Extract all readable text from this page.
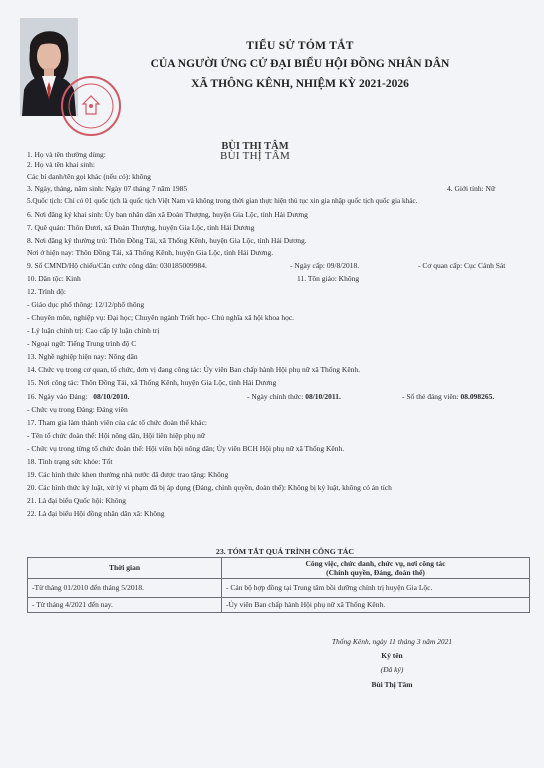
TIỂU SỬ TÓM TẮT
CỦA NGƯỜI ỨNG CỬ ĐẠI BIỂU HỘI ĐỒNG NHÂN DÂN
XÃ THÔNG KÊNH, NHIỆM KỲ 2021-2026
BÙI THỊ TÂM
BÙI THỊ TÂM
1. Họ và tên thường dùng:
2. Họ và tên khai sinh:
Các bí danh/tên gọi khác (nếu có): không
3. Ngày, tháng, năm sinh: Ngày 07 tháng 7 năm 1985	4. Giới tính: Nữ
5.Quốc tịch: Chỉ có 01 quốc tịch là quốc tịch Việt Nam và không trong thời gian thực hiện thủ tục xin gia nhập quốc tịch quốc gia khác.
6. Nơi đăng ký khai sinh: Ủy ban nhân dân xã Đoàn Thượng, huyện Gia Lộc, tỉnh Hải Dương
7. Quê quán: Thôn Đươi, xã Đoàn Thượng, huyện Gia Lộc, tỉnh Hải Dương
8. Nơi đăng ký thường trú: Thôn Đồng Tái, xã Thống Kênh, huyện Gia Lộc, tỉnh Hải Dương.
Nơi ở hiện nay: Thôn Đồng Tái, xã Thống Kênh, huyện Gia Lộc, tỉnh Hải Dương.
9. Số CMND/Hộ chiếu/Căn cước công dân: 030185009984.	- Ngày cấp: 09/8/2018.	- Cơ quan cấp: Cục Cảnh Sát
10. Dân tộc: Kinh	11. Tôn giáo: Không
12. Trình độ:
- Giáo dục phổ thông: 12/12/phổ thông
- Chuyên môn, nghiệp vụ: Đại học; Chuyên ngành Triết học- Chủ nghĩa xã hội khoa học.
- Lý luận chính trị: Cao cấp lý luận chính trị
- Ngoại ngữ: Tiếng Trung trình độ C
13. Nghề nghiệp hiện nay: Nông dân
14. Chức vụ trong cơ quan, tổ chức, đơn vị đang công tác: Ủy viên Ban chấp hành Hội phụ nữ xã Thống Kênh.
15. Nơi công tác: Thôn Đồng Tái, xã Thống Kênh, huyện Gia Lộc, tỉnh Hải Dương
16. Ngày vào Đảng: 08/10/2010.	- Ngày chính thức: 08/10/2011.	- Số thẻ đảng viên: 08.098265.
- Chức vụ trong Đảng: Đảng viên
17. Tham gia làm thành viên của các tổ chức đoàn thể khác:
- Tên tổ chức đoàn thể: Hội nông dân, Hội liên hiệp phụ nữ
- Chức vụ trong từng tổ chức đoàn thể: Hội viên hội nông dân; Ủy viên BCH Hội phụ nữ xã Thống Kênh.
18. Tình trạng sức khỏe: Tốt
19. Các hình thức khen thưởng nhà nước đã được trao tặng: Không
20. Các hình thức kỷ luật, xử lý vi phạm đã bị áp dụng (Đảng, chính quyền, đoàn thể): Không bị kỷ luật, không có án tích
21. Là đại biểu Quốc hội: Không
22. Là đại biểu Hội đồng nhân dân xã: Không
23. TÓM TẮT QUÁ TRÌNH CÔNG TÁC
Thời gian	Công việc, chức danh, chức vụ, nơi công tác
(Chính quyền, Đảng, đoàn thể)

-Từ tháng 01/2010 đến tháng 5/2018.	- Cán bộ hợp đồng tại Trung tâm bồi dưỡng chính trị huyện Gia Lộc.
- Từ tháng 4/2021 đến nay.	-Ủy viên Ban chấp hành Hội phụ nữ xã Thống Kênh.
Thống Kênh, ngày 11 tháng 3 năm 2021
Ký tên
(Đã ký)
Bùi Thị Tâm
